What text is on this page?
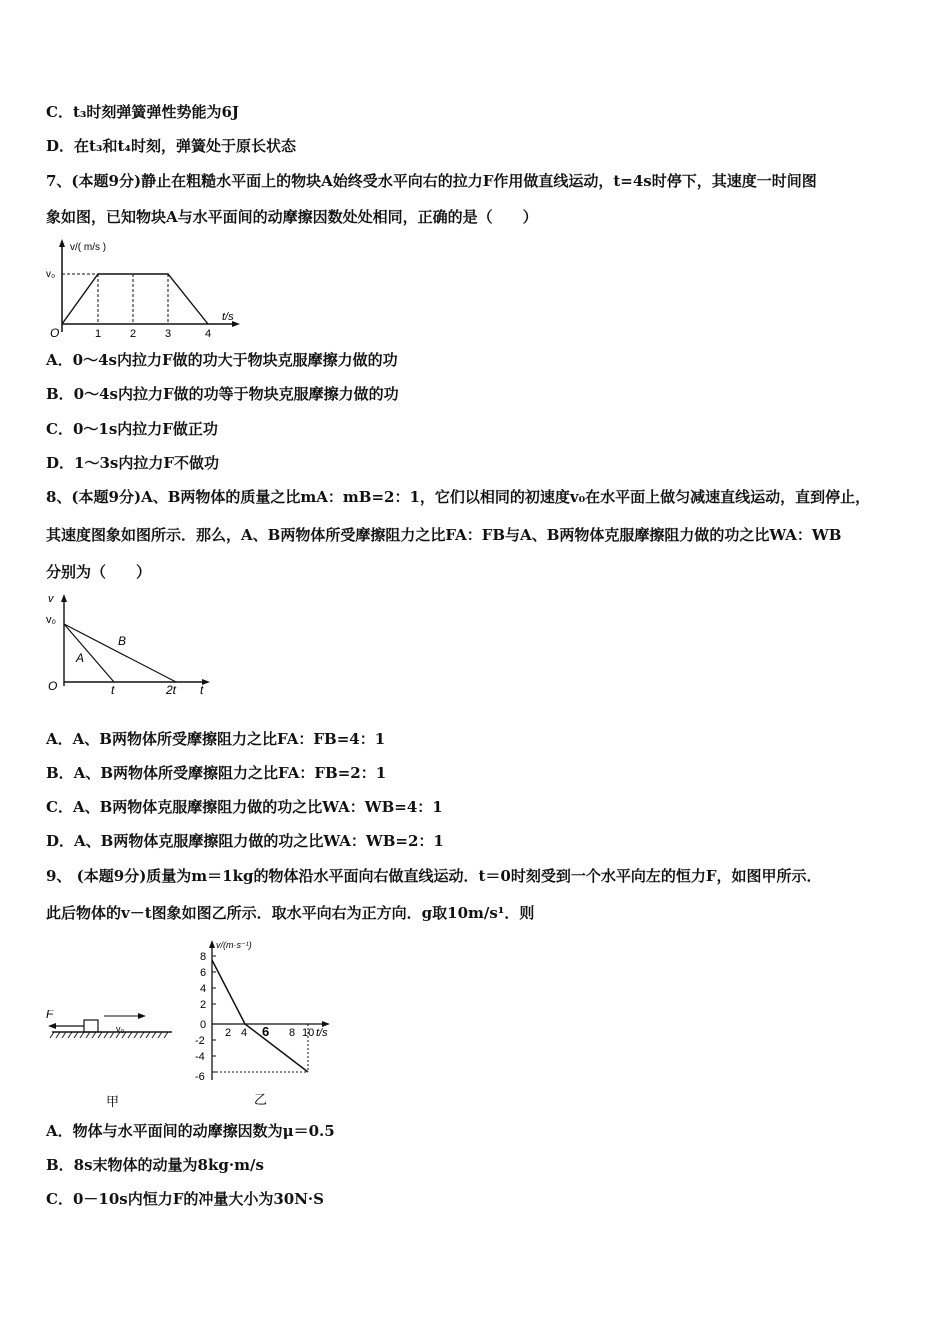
C．t₃时刻弹簧弹性势能为6J
D．在t₃和t₄时刻，弹簧处于原长状态
7、(本题9分)静止在粗糙水平面上的物块A始终受水平向右的拉力F作用做直线运动，t=4s时停下，其速度一时间图
象如图，已知物块A与水平面间的动摩擦因数处处相同，正确的是（　　）
v/( m/s )
v₀
O	1	2	3	4
t/s
A．0～4s内拉力F做的功大于物块克服摩擦力做的功
B．0～4s内拉力F做的功等于物块克服摩擦力做的功
C．0～1s内拉力F做正功
D．1～3s内拉力F不做功
8、(本题9分)A、B两物体的质量之比mA：mB=2：1，它们以相同的初速度v₀在水平面上做匀减速直线运动，直到停止，
其速度图象如图所示．那么，A、B两物体所受摩擦阻力之比FA：FB与A、B两物体克服摩擦阻力做的功之比WA：WB
分别为（　　）
v
v₀
A
B
O	t	2t t
A．A、B两物体所受摩擦阻力之比FA：FB=4：1
B．A、B两物体所受摩擦阻力之比FA：FB=2：1
C．A、B两物体克服摩擦阻力做的功之比WA：WB=4：1
D．A、B两物体克服摩擦阻力做的功之比WA：WB=2：1
9、 (本题9分)质量为m＝1kg的物体沿水平面向右做直线运动．t＝0时刻受到一个水平向左的恒力F，如图甲所示．
此后物体的v－t图象如图乙所示．取水平向右为正方向．g取10m/s¹．则
F
v₀
甲
v/(m·s⁻¹)
8
6
4
2
0
-2
-4
-6
2 4 6 8 10 t/s
乙
A．物体与水平面间的动摩擦因数为μ＝0.5
B．8s末物体的动量为8kg·m/s
C．0－10s内恒力F的冲量大小为30N·S
